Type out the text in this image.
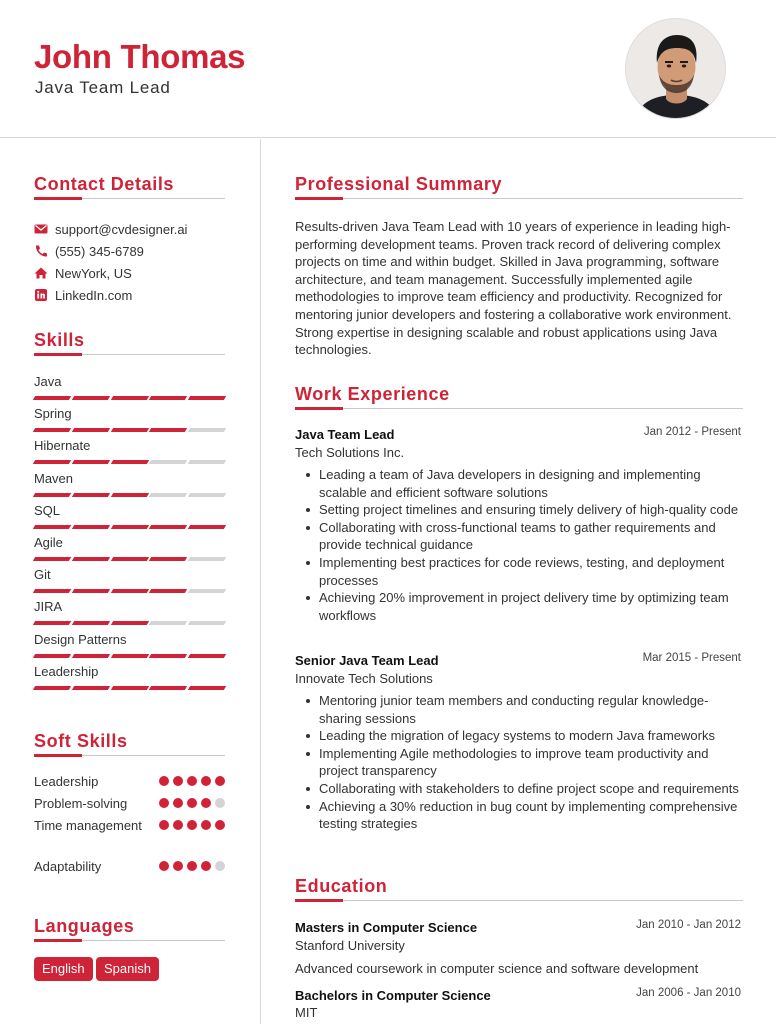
John Thomas
Java Team Lead
Contact Details
support@cvdesigner.ai
(555) 345-6789
NewYork, US
LinkedIn.com
Skills
Java
Spring
Hibernate
Maven
SQL
Agile
Git
JIRA
Design Patterns
Leadership
Soft Skills
Leadership
Problem-solving
Time management
Adaptability
Languages
English	Spanish
Professional Summary
Results-driven Java Team Lead with 10 years of experience in leading high-performing development teams. Proven track record of delivering complex projects on time and within budget. Skilled in Java programming, software architecture, and team management. Successfully implemented agile methodologies to improve team efficiency and productivity. Recognized for mentoring junior developers and fostering a collaborative work environment. Strong expertise in designing scalable and robust applications using Java technologies.
Work Experience
Java Team Lead	Jan 2012 - Present
Tech Solutions Inc.
Leading a team of Java developers in designing and implementing scalable and efficient software solutions
Setting project timelines and ensuring timely delivery of high-quality code
Collaborating with cross-functional teams to gather requirements and provide technical guidance
Implementing best practices for code reviews, testing, and deployment processes
Achieving 20% improvement in project delivery time by optimizing team workflows
Senior Java Team Lead	Mar 2015 - Present
Innovate Tech Solutions
Mentoring junior team members and conducting regular knowledge-sharing sessions
Leading the migration of legacy systems to modern Java frameworks
Implementing Agile methodologies to improve team productivity and project transparency
Collaborating with stakeholders to define project scope and requirements
Achieving a 30% reduction in bug count by implementing comprehensive testing strategies
Education
Masters in Computer Science	Jan 2010 - Jan 2012
Stanford University
Advanced coursework in computer science and software development
Bachelors in Computer Science	Jan 2006 - Jan 2010
MIT
